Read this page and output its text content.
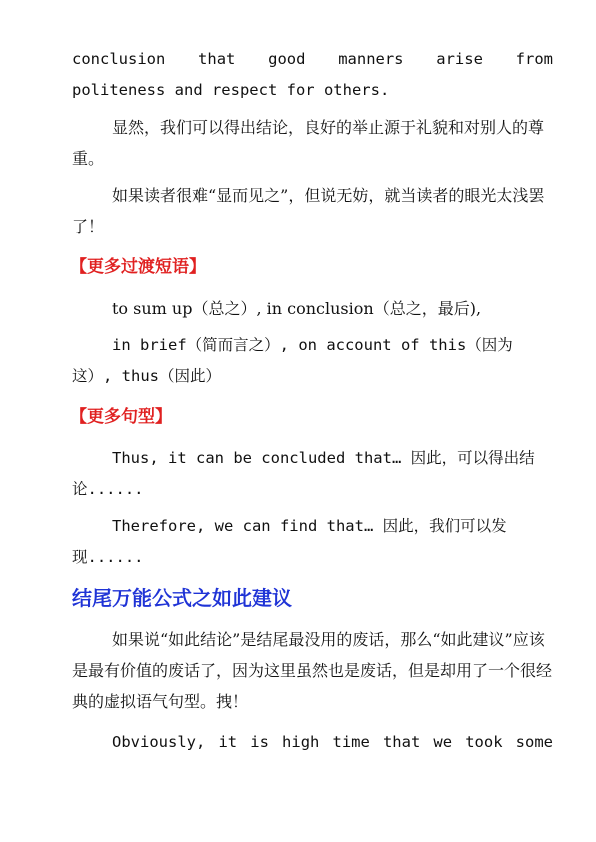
conclusion that good manners arise from

politeness and respect for others.

显然，我们可以得出结论，良好的举止源于礼貌和对别人的尊重。

如果读者很难“显而见之”，但说无妨，就当读者的眼光太浅罢了！

【更多过渡短语】

to sum up（总之）, in conclusion（总之，最后),

in brief（简而言之）, on account of this（因为这）, thus（因此）

【更多句型】

Thus, it can be concluded that… 因此，可以得出结论......

Therefore, we can find that… 因此，我们可以发现......

结尾万能公式之如此建议

如果说“如此结论”是结尾最没用的废话，那么“如此建议”应该是最有价值的废话了，因为这里虽然也是废话，但是却用了一个很经典的虚拟语气句型。拽！

Obviously, it is high time that we took some
